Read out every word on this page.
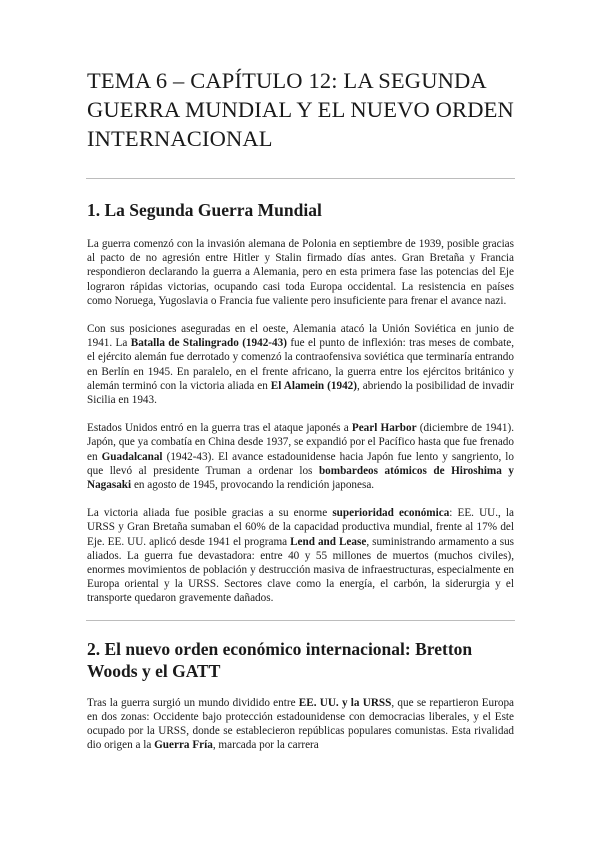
TEMA 6 – CAPÍTULO 12: LA SEGUNDA GUERRA MUNDIAL Y EL NUEVO ORDEN INTERNACIONAL
1. La Segunda Guerra Mundial

La guerra comenzó con la invasión alemana de Polonia en septiembre de 1939, posible gracias al pacto de no agresión entre Hitler y Stalin firmado días antes. Gran Bretaña y Francia respondieron declarando la guerra a Alemania, pero en esta primera fase las potencias del Eje lograron rápidas victorias, ocupando casi toda Europa occidental. La resistencia en países como Noruega, Yugoslavia o Francia fue valiente pero insuficiente para frenar el avance nazi.

Con sus posiciones aseguradas en el oeste, Alemania atacó la Unión Soviética en junio de 1941. La Batalla de Stalingrado (1942-43) fue el punto de inflexión: tras meses de combate, el ejército alemán fue derrotado y comenzó la contraofensiva soviética que terminaría entrando en Berlín en 1945. En paralelo, en el frente africano, la guerra entre los ejércitos británico y alemán terminó con la victoria aliada en El Alamein (1942), abriendo la posibilidad de invadir Sicilia en 1943.

Estados Unidos entró en la guerra tras el ataque japonés a Pearl Harbor (diciembre de 1941). Japón, que ya combatía en China desde 1937, se expandió por el Pacífico hasta que fue frenado en Guadalcanal (1942-43). El avance estadounidense hacia Japón fue lento y sangriento, lo que llevó al presidente Truman a ordenar los bombardeos atómicos de Hiroshima y Nagasaki en agosto de 1945, provocando la rendición japonesa.

La victoria aliada fue posible gracias a su enorme superioridad económica: EE. UU., la URSS y Gran Bretaña sumaban el 60% de la capacidad productiva mundial, frente al 17% del Eje. EE. UU. aplicó desde 1941 el programa Lend and Lease, suministrando armamento a sus aliados. La guerra fue devastadora: entre 40 y 55 millones de muertos (muchos civiles), enormes movimientos de población y destrucción masiva de infraestructuras, especialmente en Europa oriental y la URSS. Sectores clave como la energía, el carbón, la siderurgia y el transporte quedaron gravemente dañados.

2. El nuevo orden económico internacional: Bretton Woods y el GATT

Tras la guerra surgió un mundo dividido entre EE. UU. y la URSS, que se repartieron Europa en dos zonas: Occidente bajo protección estadounidense con democracias liberales, y el Este ocupado por la URSS, donde se establecieron repúblicas populares comunistas. Esta rivalidad dio origen a la Guerra Fría, marcada por la carrera
